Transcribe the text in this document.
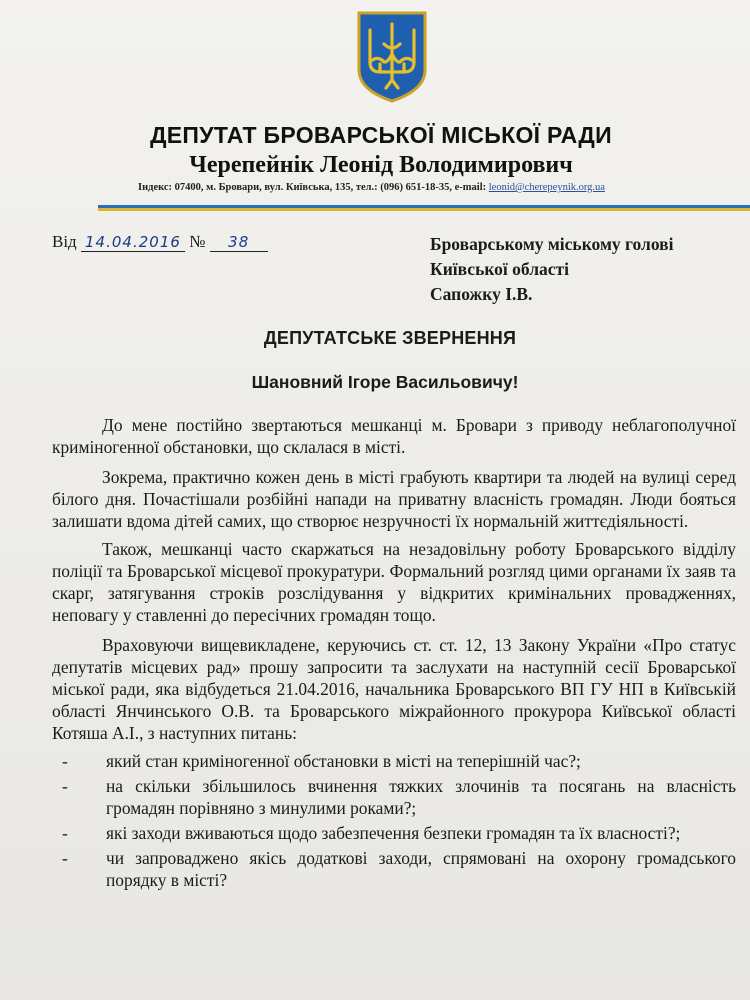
ДЕПУТАТ БРОВАРСЬКОЇ МІСЬКОЇ РАДИ
Черепейнік Леонід Володимирович
Індекс: 07400, м. Бровари, вул. Київська, 135, тел.: (096) 651-18-35, e-mail: leonid@cherepeynik.org.ua
Від 14.04.2016 № 38	Броварському міському голові
Київської області
Сапожку І.В.
ДЕПУТАТСЬКЕ ЗВЕРНЕННЯ
Шановний Ігоре Васильовичу!

До мене постійно звертаються мешканці м. Бровари з приводу неблагополучної криміногенної обстановки, що склалася в місті.

Зокрема, практично кожен день в місті грабують квартири та людей на вулиці серед білого дня. Почастішали розбійні напади на приватну власність громадян. Люди бояться залишати вдома дітей самих, що створює незручності їх нормальній життєдіяльності.

Також, мешканці часто скаржаться на незадовільну роботу Броварського відділу поліції та Броварської місцевої прокуратури. Формальний розгляд цими органами їх заяв та скарг, затягування строків розслідування у відкритих кримінальних провадженнях, неповагу у ставленні до пересічних громадян тощо.

Враховуючи вищевикладене, керуючись ст. ст. 12, 13 Закону України «Про статус депутатів місцевих рад» прошу запросити та заслухати на наступній сесії Броварської міської ради, яка відбудеться 21.04.2016, начальника Броварського ВП ГУ НП в Київській області Янчинського О.В. та Броварського міжрайонного прокурора Київської області Котяша А.І., з наступних питань:

- який стан криміногенної обстановки в місті на теперішній час?;
- на скільки збільшилось вчинення тяжких злочинів та посягань на власність громадян порівняно з минулими роками?;
- які заходи вживаються щодо забезпечення безпеки громадян та їх власності?;
- чи запроваджено якісь додаткові заходи, спрямовані на охорону громадського порядку в місті?
